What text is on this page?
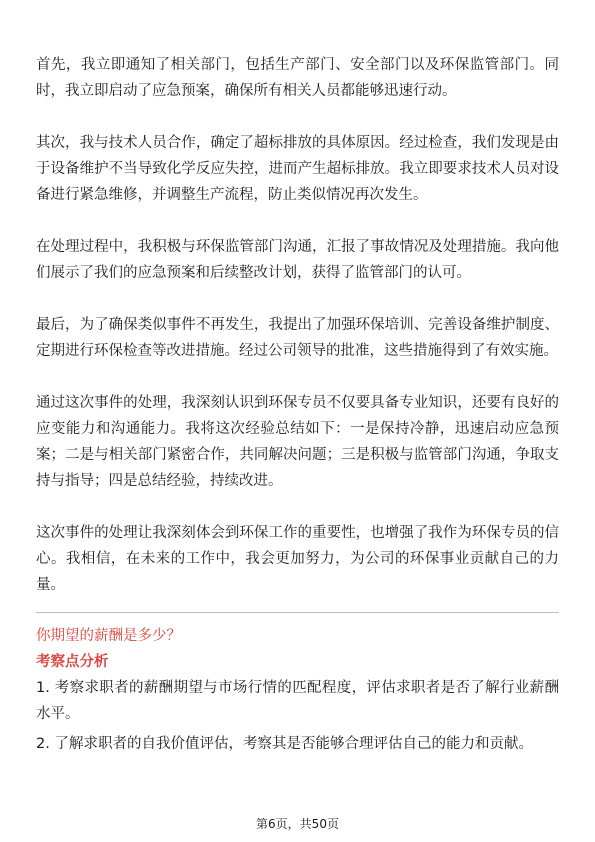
首先，我立即通知了相关部门，包括生产部门、安全部门以及环保监管部门。同时，我立即启动了应急预案，确保所有相关人员都能够迅速行动。

其次，我与技术人员合作，确定了超标排放的具体原因。经过检查，我们发现是由于设备维护不当导致化学反应失控，进而产生超标排放。我立即要求技术人员对设备进行紧急维修，并调整生产流程，防止类似情况再次发生。

在处理过程中，我积极与环保监管部门沟通，汇报了事故情况及处理措施。我向他们展示了我们的应急预案和后续整改计划，获得了监管部门的认可。

最后，为了确保类似事件不再发生，我提出了加强环保培训、完善设备维护制度、定期进行环保检查等改进措施。经过公司领导的批准，这些措施得到了有效实施。

通过这次事件的处理，我深刻认识到环保专员不仅要具备专业知识，还要有良好的应变能力和沟通能力。我将这次经验总结如下：一是保持冷静，迅速启动应急预案；二是与相关部门紧密合作，共同解决问题；三是积极与监管部门沟通，争取支持与指导；四是总结经验，持续改进。

这次事件的处理让我深刻体会到环保工作的重要性，也增强了我作为环保专员的信心。我相信，在未来的工作中，我会更加努力，为公司的环保事业贡献自己的力量。

你期望的薪酬是多少？

考察点分析

1. 考察求职者的薪酬期望与市场行情的匹配程度，评估求职者是否了解行业薪酬水平。

2. 了解求职者的自我价值评估，考察其是否能够合理评估自己的能力和贡献。

第6页，共50页
